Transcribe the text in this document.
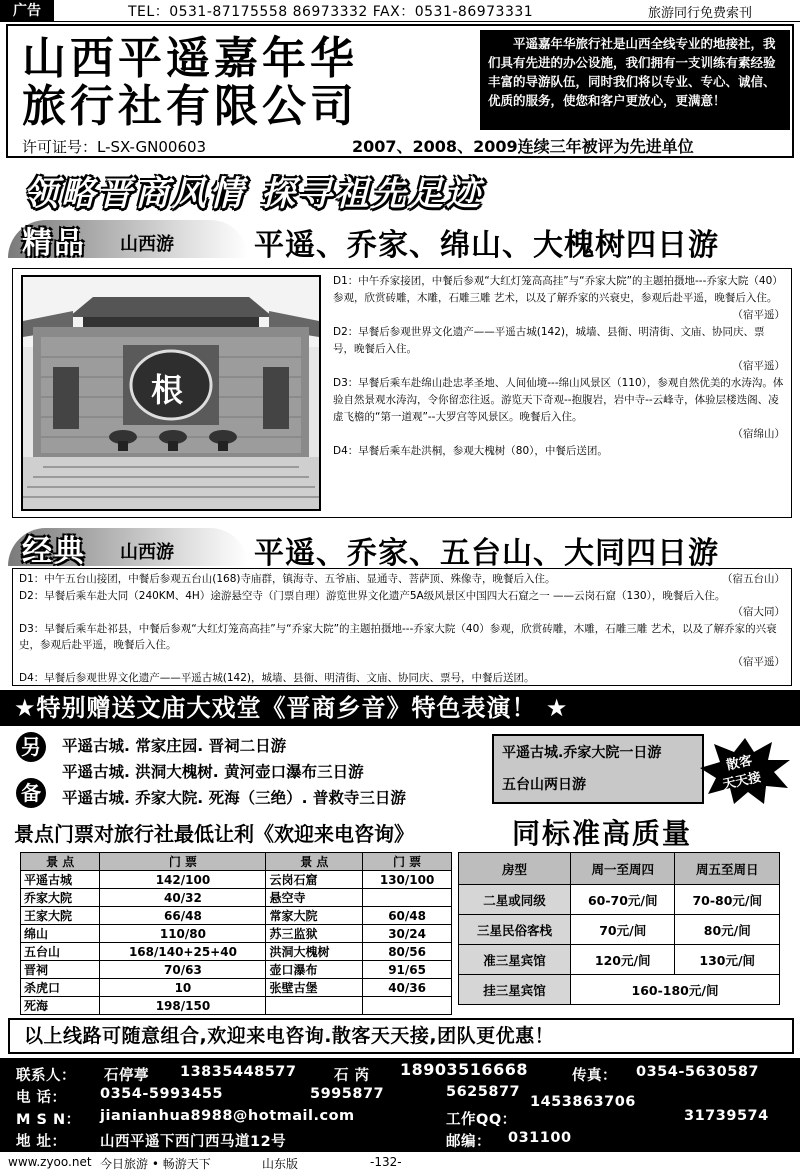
广告	TEL：0531-87175558 86973332 FAX：0531-86973331	旅游同行免费索刊
山西平遥嘉年华
旅行社有限公司
许可证号：L-SX-GN00603	2007、2008、2009连续三年被评为先进单位
平遥嘉年华旅行社是山西全线专业的地接社，我们具有先进的办公设施，我们拥有一支训练有素经验丰富的导游队伍，同时我们将以专业、专心、诚信、优质的服务，使您和客户更放心，更满意！
领略晋商风情 探寻祖先足迹
精品 山西游	平遥、乔家、绵山、大槐树四日游
根

D1：中午乔家接团，中餐后参观“大红灯笼高高挂”与“乔家大院”的主题拍摄地---乔家大院（40）参观，欣赏砖雕，木雕，石雕三雕 艺术，以及了解乔家的兴衰史，参观后赴平遥，晚餐后入住。

（宿平遥）

D2：早餐后参观世界文化遗产——平遥古城(142)，城墙、县衙、明清街、文庙、协同庆、票号，晚餐后入住。

（宿平遥）

D3：早餐后乘车赴绵山赴忠孝圣地、人间仙境---绵山风景区（110），参观自然优美的水涛沟。体验自然景观水涛沟，令你留恋往返。游览天下奇观--抱腹岩，岩中寺--云峰寺，体验层楼迭阁、凌虚飞檐的“第一道观”--大罗宫等风景区。晚餐后入住。

（宿绵山）

D4：早餐后乘车赴洪桐，参观大槐树（80），中餐后送团。

经典 山西游	平遥、乔家、五台山、大同四日游
D1：中午五台山接团，中餐后参观五台山(168)寺庙群，镇海寺、五爷庙、显通寺、菩萨顶、殊像寺，晚餐后入住。	（宿五台山）
D2：早餐后乘车赴大同（240KM、4H）途游悬空寺（门票自理）游览世界文化遗产5A级风景区中国四大石窟之一 ——云岗石窟（130），晚餐后入住。
（宿大同）
D3：早餐后乘车赴祁县，中餐后参观“大红灯笼高高挂”与“乔家大院”的主题拍摄地---乔家大院（40）参观，欣赏砖雕，木雕，石雕三雕 艺术，以及了解乔家的兴衰史，参观后赴平遥，晚餐后入住。
（宿平遥）
D4：早餐后参观世界文化遗产——平遥古城(142)，城墙、县衙、明清街、文庙、协同庆、票号，中餐后送团。
★特别赠送文庙大戏堂《晋商乡音》特色表演！ ★
另
备
平遥古城. 常家庄园. 晋祠二日游
平遥古城. 洪洞大槐树. 黄河壶口瀑布三日游
平遥古城. 乔家大院. 死海（三绝）. 普救寺三日游
平遥古城.乔家大院一日游
五台山两日游
散客
天天接
景点门票对旅行社最低让利《欢迎来电咨询》	同标准高质量
景 点	门 票	景 点	门 票
平遥古城	142/100	云岗石窟	130/100
乔家大院	40/32	悬空寺	
王家大院	66/48	常家大院	60/48
绵山	110/80	苏三监狱	30/24
五台山	168/140+25+40	洪洞大槐树	80/56
晋祠	70/63	壶口瀑布	91/65
杀虎口	10	张壁古堡	40/36
死海	198/150		
房型	周一至周四	周五至周日
二星或同级	60-70元/间	70-80元/间
三星民俗客栈	70元/间	80元/间
准三星宾馆	120元/间	130元/间
挂三星宾馆	160-180元/间	
以上线路可随意组合,欢迎来电咨询.散客天天接,团队更优惠！
联系人： 石停葶 13835448577	石 芮 18903516668	传真： 0354-5630587
电 话： 0354-5993455	5995877	5625877
M S N： jianianhua8988@hotmail.com	工作QQ：
1453863706
31739574
地 址： 山西平遥下西门西马道12号	邮编： 031100
www.zyoo.net 今日旅游 • 畅游天下	山东版	-132-
